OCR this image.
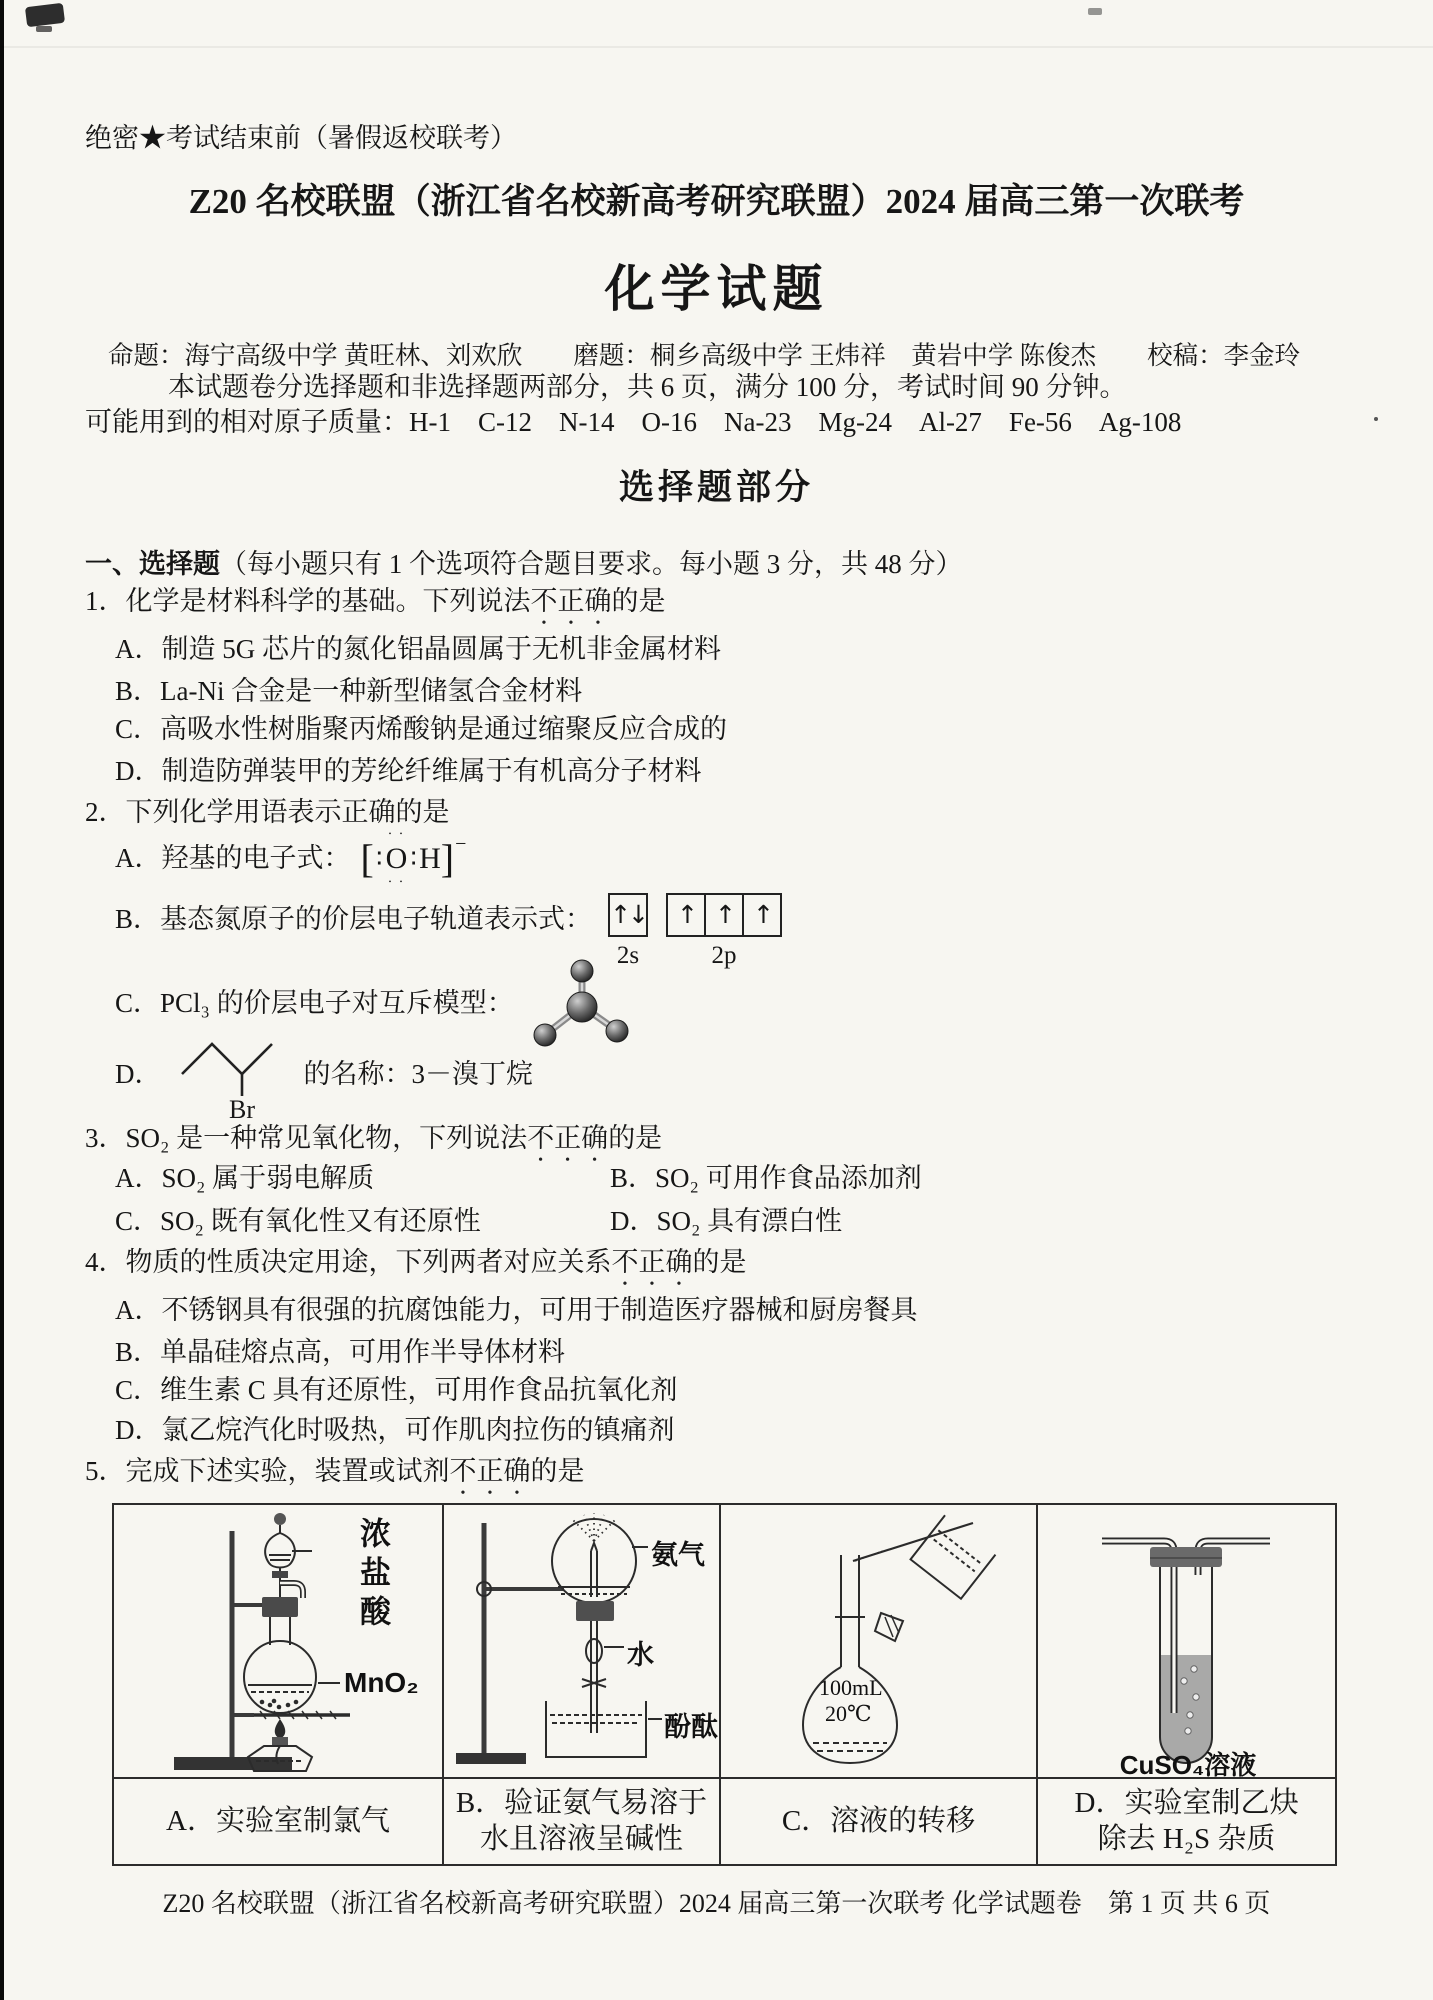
绝密★考试结束前（暑假返校联考）
Z20 名校联盟（浙江省名校新高考研究联盟）2024 届高三第一次联考
化学试题
命题：海宁高级中学 黄旺林、刘欢欣　　磨题：桐乡高级中学 王炜祥　黄岩中学 陈俊杰　　校稿：李金玲
本试题卷分选择题和非选择题两部分，共 6 页，满分 100 分，考试时间 90 分钟。
可能用到的相对原子质量：H-1　C-12　N-14　O-16　Na-23　Mg-24　Al-27　Fe-56　Ag-108
选择题部分
一、选择题（每小题只有 1 个选项符合题目要求。每小题 3 分，共 48 分）
1．化学是材料科学的基础。下列说法不正确的是
A．制造 5G 芯片的氮化铝晶圆属于无机非金属材料
B．La-Ni 合金是一种新型储氢合金材料
C．高吸水性树脂聚丙烯酸钠是通过缩聚反应合成的
D．制造防弹装甲的芳纶纤维属于有机高分子材料
2．下列化学用语表示正确的是
A． 羟基的电子式： [ ∶
∙ ∙
O
∙ ∙
∶ H ]−
B．基态氮原子的价层电子轨道表示式： ↑↓
2s
↑ ↑ ↑
2p
C．PCl₃ 的价层电子对互斥模型：
D．
Br
的名称：3－溴丁烷
3．SO₂ 是一种常见氧化物，下列说法不正确的是
A．SO₂ 属于弱电解质	B．SO₂ 可用作食品添加剂
C．SO₂ 既有氧化性又有还原性	D．SO₂ 具有漂白性
4．物质的性质决定用途，下列两者对应关系不正确的是
A．不锈钢具有很强的抗腐蚀能力，可用于制造医疗器械和厨房餐具
B．单晶硅熔点高，可用作半导体材料
C．维生素 C 具有还原性，可用作食品抗氧化剂
D．氯乙烷汽化时吸热，可作肌肉拉伤的镇痛剂
5．完成下述实验，装置或试剂不正确的是
浓盐酸
MnO₂

氨气
水
酚酞

100mL
20℃

CuSO₄溶液

A．实验室制氯气

B．验证氨气易溶于
水且溶液呈碱性

C．溶液的转移

D．实验室制乙炔
除去 H₂S 杂质
Z20 名校联盟（浙江省名校新高考研究联盟）2024 届高三第一次联考 化学试题卷　第 1 页 共 6 页
